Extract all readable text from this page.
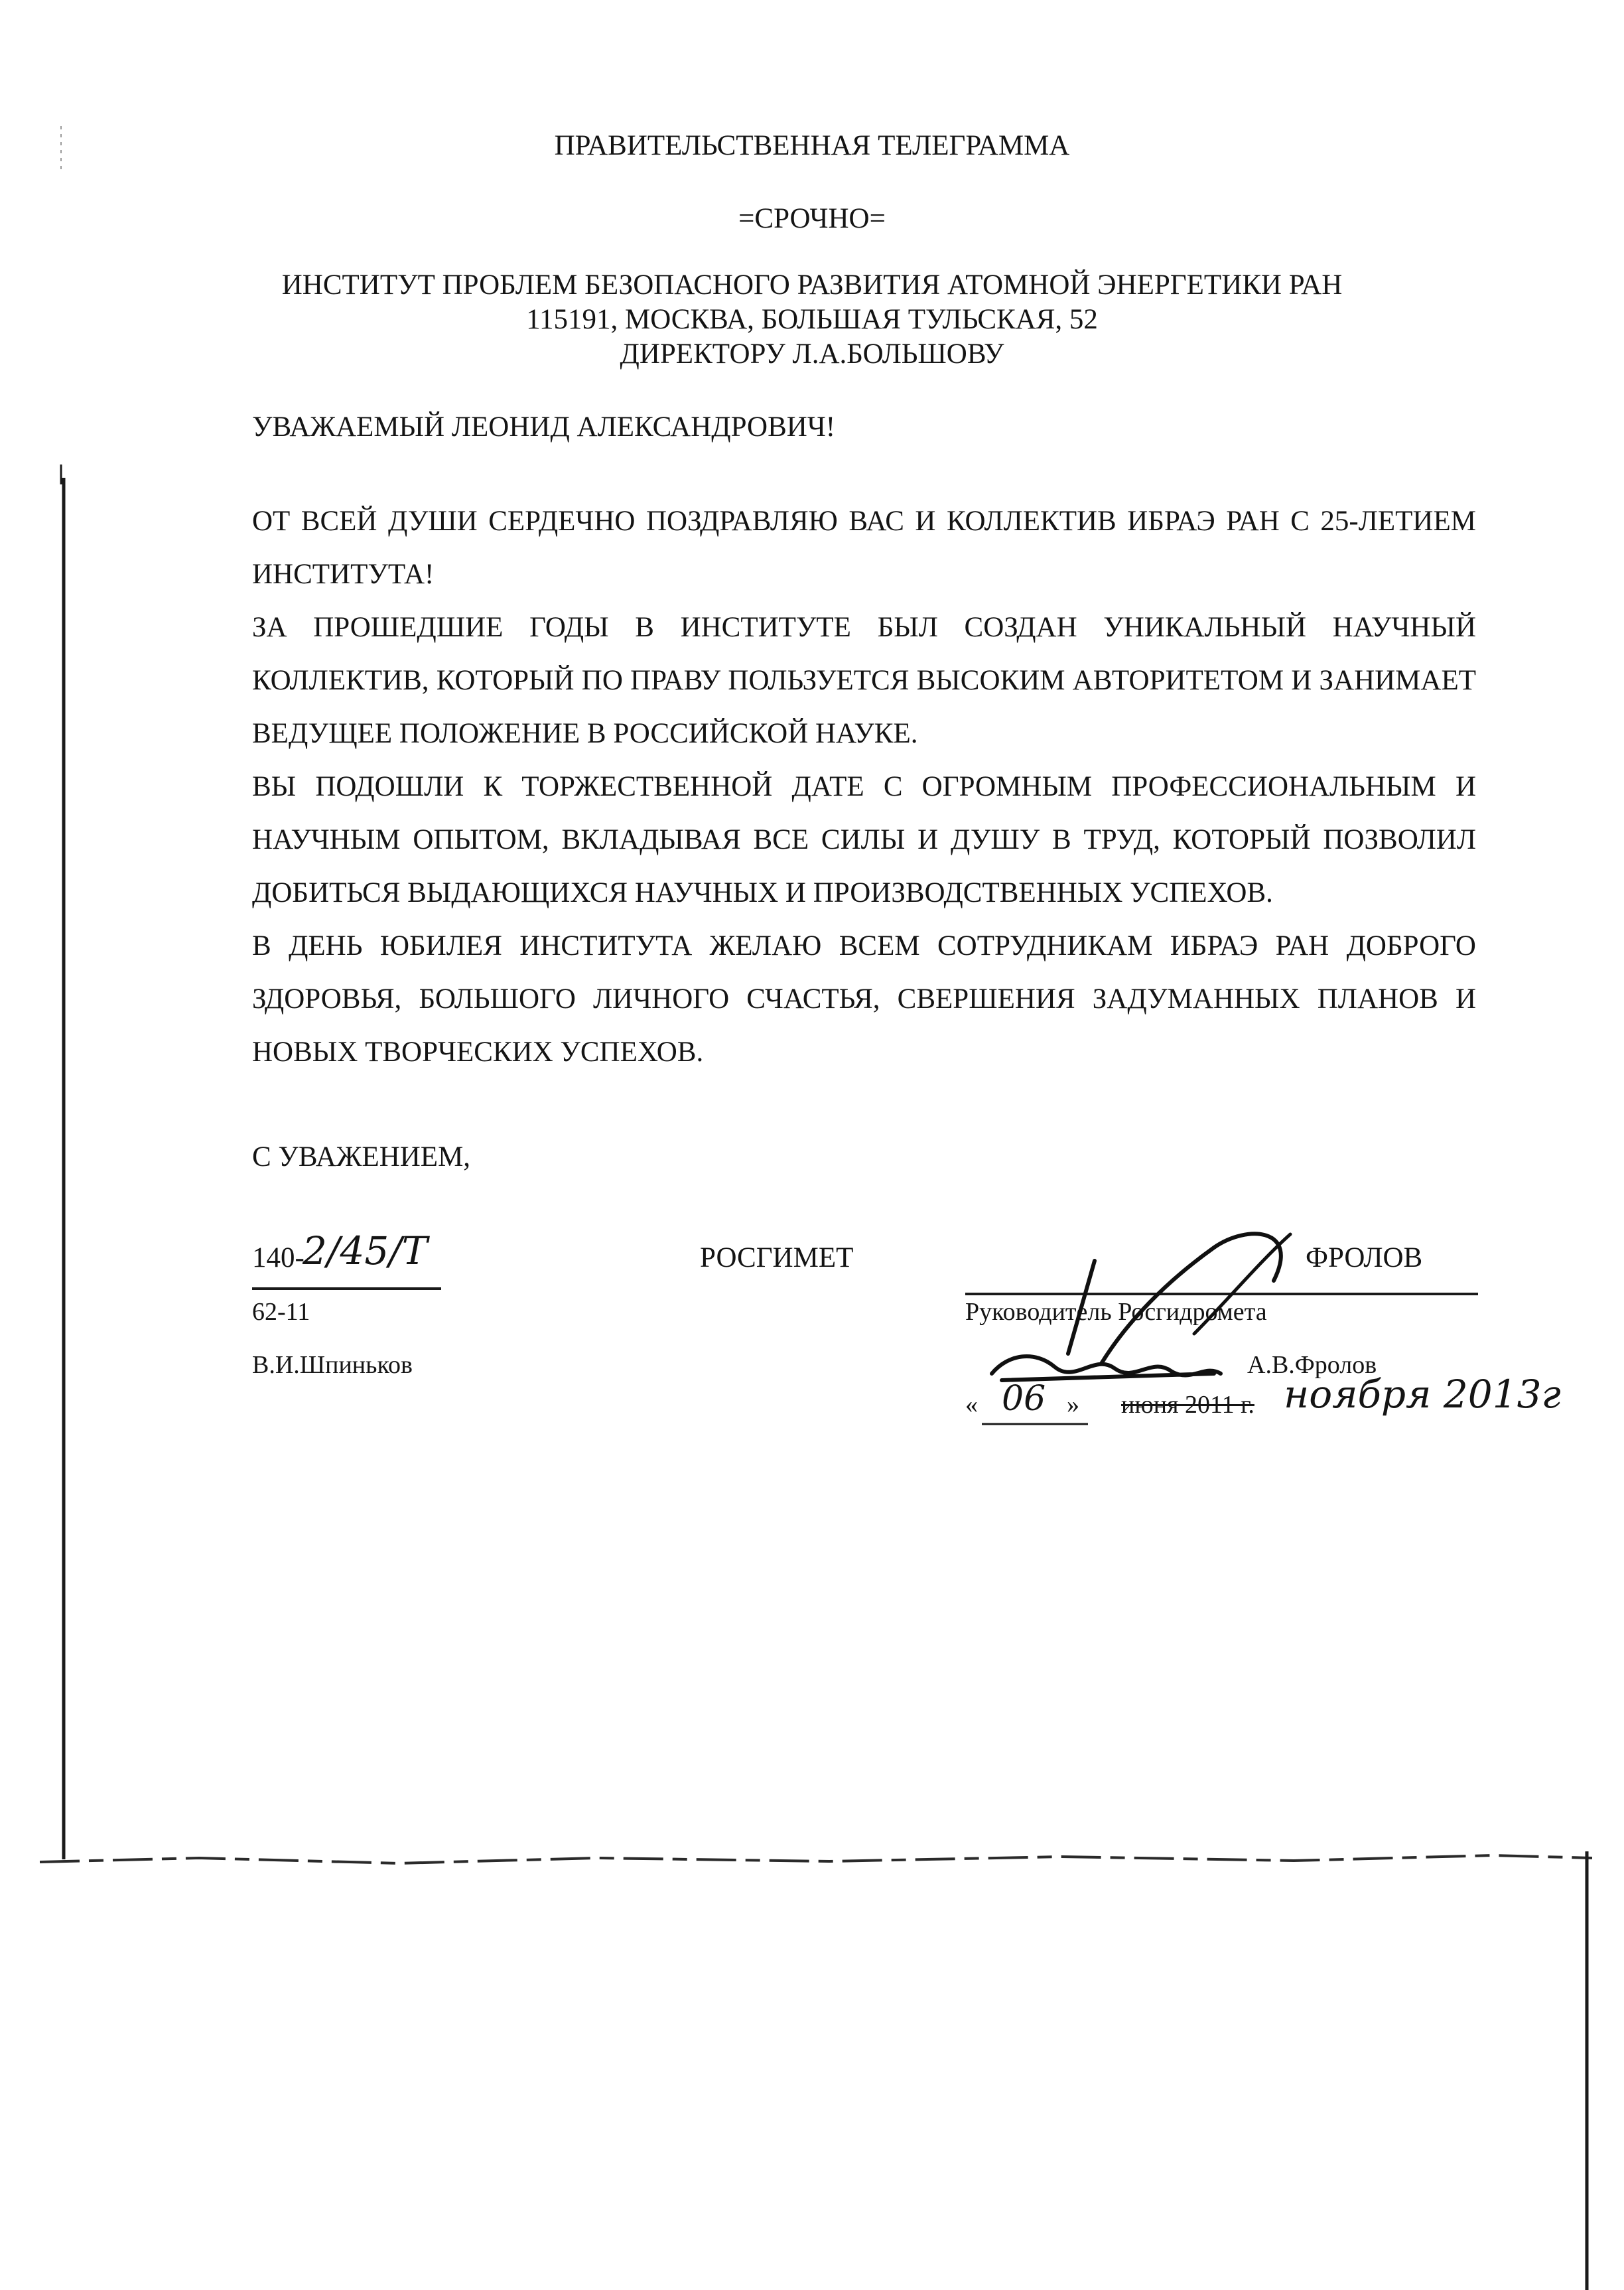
ПРАВИТЕЛЬСТВЕННАЯ ТЕЛЕГРАММА
=СРОЧНО=
ИНСТИТУТ ПРОБЛЕМ БЕЗОПАСНОГО РАЗВИТИЯ АТОМНОЙ ЭНЕРГЕТИКИ РАН
115191, МОСКВА, БОЛЬШАЯ ТУЛЬСКАЯ, 52
ДИРЕКТОРУ Л.А.БОЛЬШОВУ
УВАЖАЕМЫЙ ЛЕОНИД АЛЕКСАНДРОВИЧ!
ОТ ВСЕЙ ДУШИ СЕРДЕЧНО ПОЗДРАВЛЯЮ ВАС И КОЛЛЕКТИВ ИБРАЭ РАН С 25-ЛЕТИЕМ ИНСТИТУТА!
ЗА ПРОШЕДШИЕ ГОДЫ В ИНСТИТУТЕ БЫЛ СОЗДАН УНИКАЛЬНЫЙ НАУЧНЫЙ КОЛЛЕКТИВ, КОТОРЫЙ ПО ПРАВУ ПОЛЬЗУЕТСЯ ВЫСОКИМ АВТОРИТЕТОМ И ЗАНИМАЕТ ВЕДУЩЕЕ ПОЛОЖЕНИЕ В РОССИЙСКОЙ НАУКЕ.
ВЫ ПОДОШЛИ К ТОРЖЕСТВЕННОЙ ДАТЕ С ОГРОМНЫМ ПРОФЕССИОНАЛЬНЫМ И НАУЧНЫМ ОПЫТОМ, ВКЛАДЫВАЯ ВСЕ СИЛЫ И ДУШУ В ТРУД, КОТОРЫЙ ПОЗВОЛИЛ ДОБИТЬСЯ ВЫДАЮЩИХСЯ НАУЧНЫХ И ПРОИЗВОДСТВЕННЫХ УСПЕХОВ.
В ДЕНЬ ЮБИЛЕЯ ИНСТИТУТА ЖЕЛАЮ ВСЕМ СОТРУДНИКАМ ИБРАЭ РАН ДОБРОГО ЗДОРОВЬЯ, БОЛЬШОГО ЛИЧНОГО СЧАСТЬЯ, СВЕРШЕНИЯ ЗАДУМАННЫХ ПЛАНОВ И НОВЫХ ТВОРЧЕСКИХ УСПЕХОВ.
С УВАЖЕНИЕМ,
140-
2/45/Т	РОСГИМЕТ	ФРОЛОВ
62-11	Руководитель Росгидромета
В.И.Шпиньков	А.В.Фролов
« 06 » июня 2011 г. ноября 2013г
